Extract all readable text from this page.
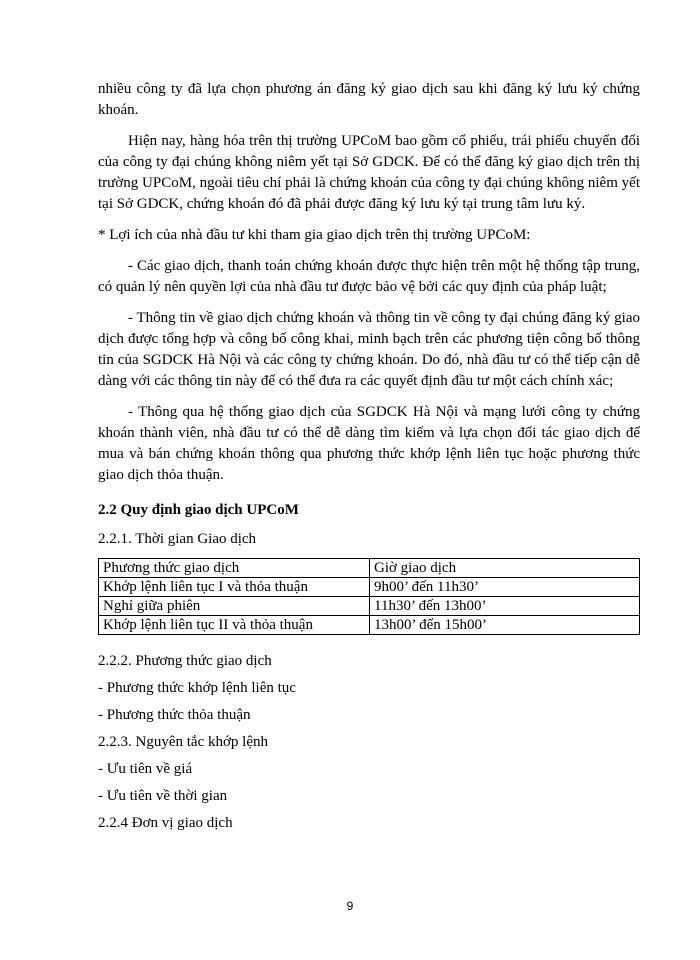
nhiều công ty đã lựa chọn phương án đăng ký giao dịch sau khi đăng ký lưu ký chứng khoán.

Hiện nay, hàng hóa trên thị trường UPCoM bao gồm cổ phiếu, trái phiếu chuyển đổi của công ty đại chúng không niêm yết tại Sở GDCK. Để có thể đăng ký giao dịch trên thị trường UPCoM, ngoài tiêu chí phải là chứng khoán của công ty đại chúng không niêm yết tại Sở GDCK, chứng khoán đó đã phải được đăng ký lưu ký tại trung tâm lưu ký.

* Lợi ích của nhà đầu tư khi tham gia giao dịch trên thị trường UPCoM:

- Các giao dịch, thanh toán chứng khoán được thực hiện trên một hệ thống tập trung, có quản lý nên quyền lợi của nhà đầu tư được bảo vệ bởi các quy định của pháp luật;

- Thông tin về giao dịch chứng khoán và thông tin về công ty đại chúng đăng ký giao dịch được tổng hợp và công bố công khai, minh bạch trên các phương tiện công bố thông tin của SGDCK Hà Nội và các công ty chứng khoán. Do đó, nhà đầu tư có thể tiếp cận dễ dàng với các thông tin này để có thể đưa ra các quyết định đầu tư một cách chính xác;

- Thông qua hệ thống giao dịch của SGDCK Hà Nội và mạng lưới công ty chứng khoán thành viên, nhà đầu tư có thể dễ dàng tìm kiếm và lựa chọn đối tác giao dịch để mua và bán chứng khoán thông qua phương thức khớp lệnh liên tục hoặc phương thức giao dịch thỏa thuận.

2.2 Quy định giao dịch UPCoM
2.2.1. Thời gian Giao dịch
Phương thức giao dịch	Giờ giao dịch
Khớp lệnh liên tục I và thỏa thuận	9h00’ đến 11h30’
Nghỉ giữa phiên	11h30’ đến 13h00’
Khớp lệnh liên tục II và thỏa thuận	13h00’ đến 15h00’
2.2.2. Phương thức giao dịch
- Phương thức khớp lệnh liên tục
- Phương thức thỏa thuận
2.2.3. Nguyên tắc khớp lệnh
- Ưu tiên về giá
- Ưu tiên về thời gian
2.2.4 Đơn vị giao dịch
9
